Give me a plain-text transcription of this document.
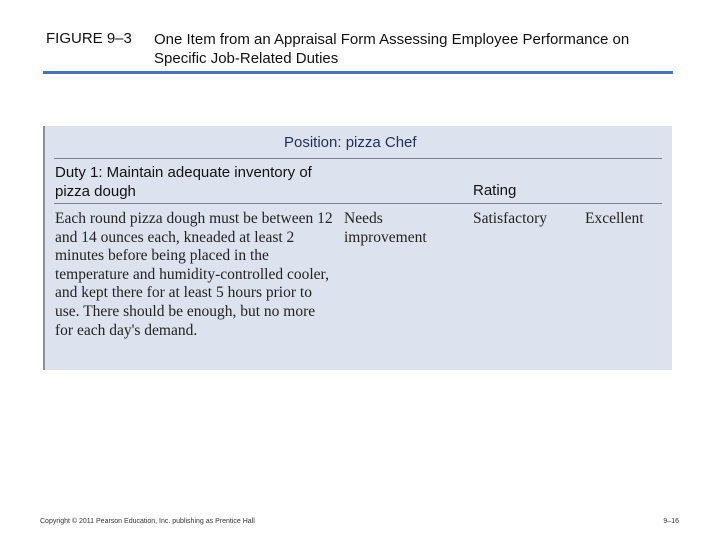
FIGURE 9–3 One Item from an Appraisal Form Assessing Employee Performance on Specific Job-Related Duties
Position: pizza Chef
Duty 1: Maintain adequate inventory of pizza dough	Rating
Each round pizza dough must be between 12 and 14 ounces each, kneaded at least 2 minutes before being placed in the temperature and humidity-controlled cooler, and kept there for at least 5 hours prior to use. There should be enough, but no more for each day's demand.
Needs improvement
Satisfactory Excellent
Copyright © 2011 Pearson Education, Inc. publishing as Prentice Hall	9–16
